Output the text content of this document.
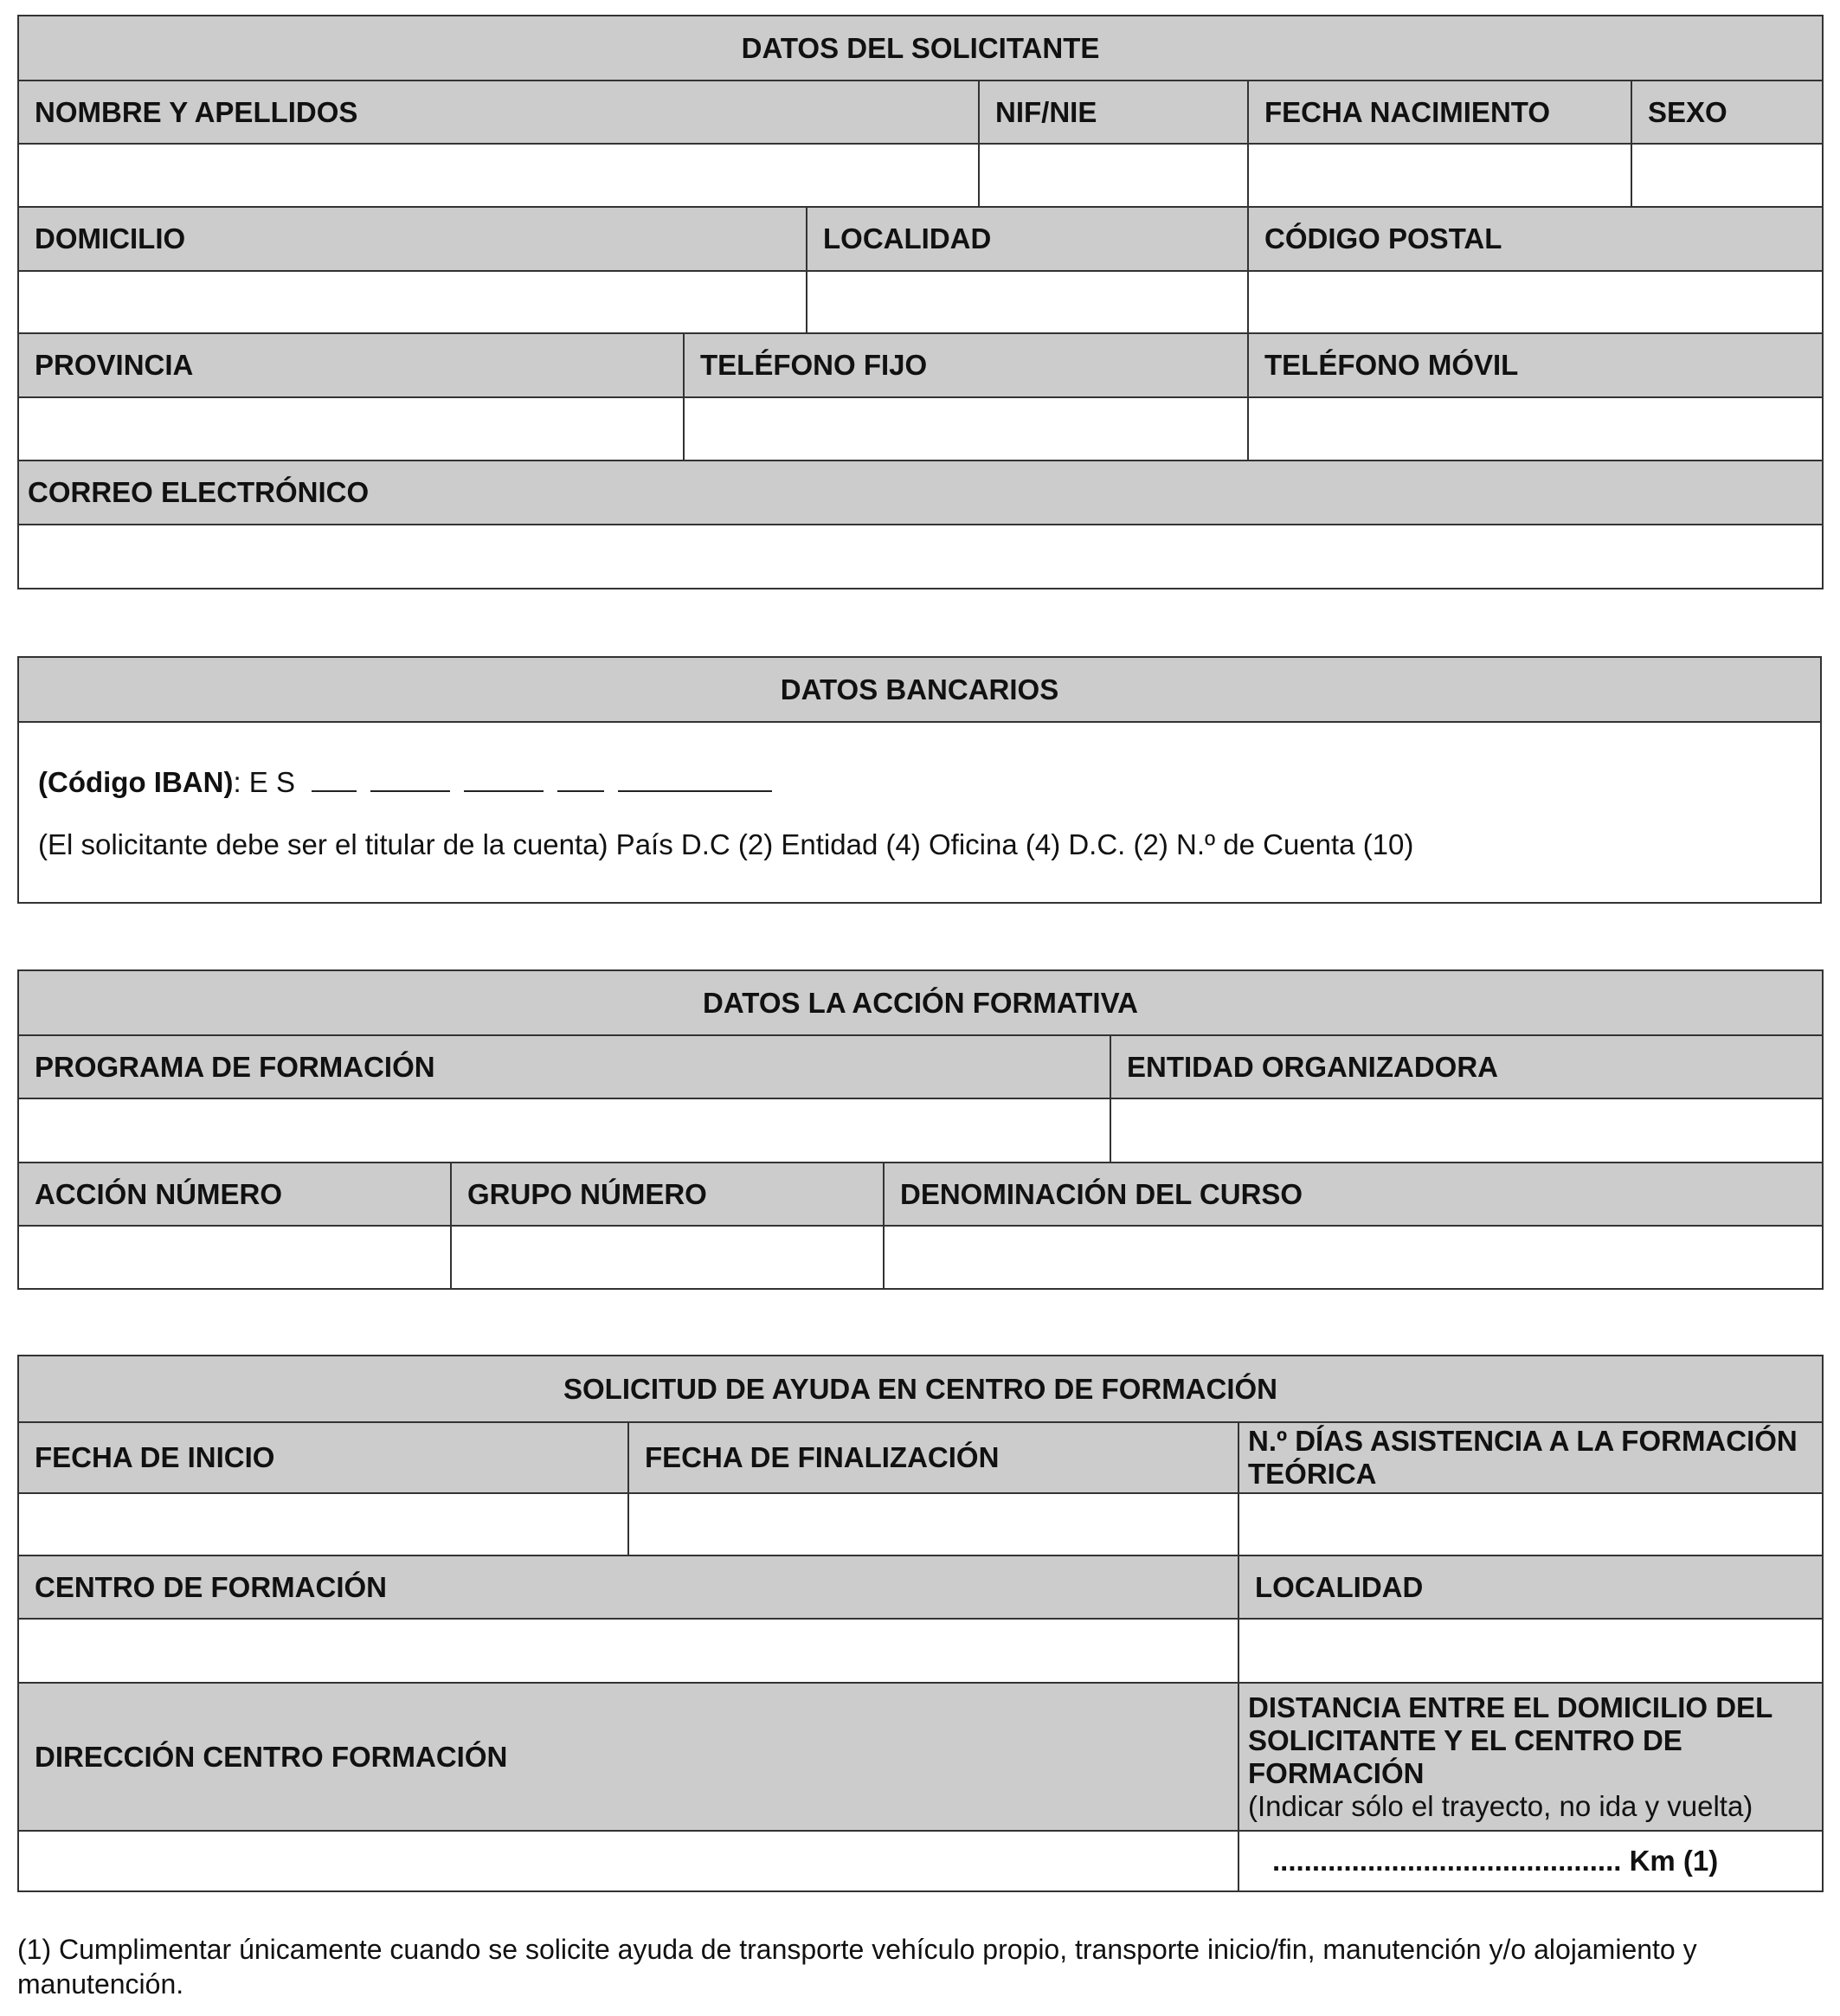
DATOS DEL SOLICITANTE			
NOMBRE Y APELLIDOS	NIF/NIE	FECHA NACIMIENTO	SEXO

DOMICILIO	LOCALIDAD	CÓDIGO POSTAL

PROVINCIA	TELÉFONO FIJO	TELÉFONO MÓVIL

CORREO ELECTRÓNICO		

DATOS BANCARIOS

(Código IBAN): E S
(El solicitante debe ser el titular de la cuenta) País D.C (2) Entidad (4) Oficina (4) D.C. (2) N.º de Cuenta (10)
DATOS LA ACCIÓN FORMATIVA	
PROGRAMA DE FORMACIÓN	ENTIDAD ORGANIZADORA

ACCIÓN NÚMERO	GRUPO NÚMERO	DENOMINACIÓN DEL CURSO

SOLICITUD DE AYUDA EN CENTRO DE FORMACIÓN		
FECHA DE INICIO	FECHA DE FINALIZACIÓN	N.º DÍAS ASISTENCIA A LA FORMACIÓN TEÓRICA

CENTRO DE FORMACIÓN	LOCALIDAD

DIRECCIÓN CENTRO FORMACIÓN	DISTANCIA ENTRE EL DOMICILIO DEL SOLICITANTE Y EL CENTRO DE FORMACIÓN
(Indicar sólo el trayecto, no ida y vuelta)

	............................................ Km (1)
(1) Cumplimentar únicamente cuando se solicite ayuda de transporte vehículo propio, transporte inicio/fin, manutención y/o alojamiento y manutención.
